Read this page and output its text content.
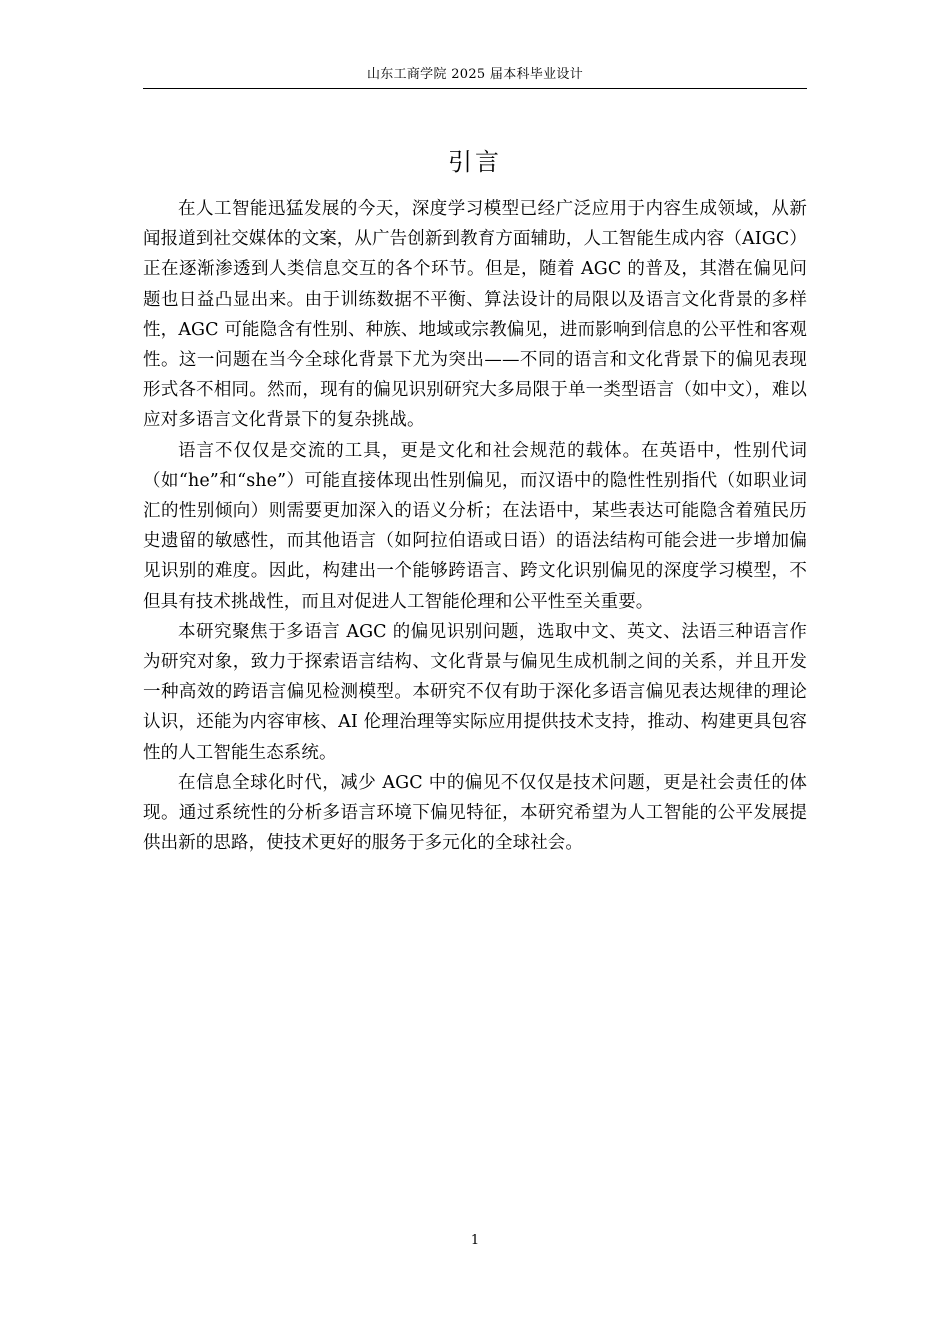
山东工商学院 2025 届本科毕业设计
引言

在人工智能迅猛发展的今天，深度学习模型已经广泛应用于内容生成领域，从新闻报道到社交媒体的文案，从广告创新到教育方面辅助，人工智能生成内容（AIGC）正在逐渐渗透到人类信息交互的各个环节。但是，随着 AGC 的普及，其潜在偏见问题也日益凸显出来。由于训练数据不平衡、算法设计的局限以及语言文化背景的多样性，AGC 可能隐含有性别、种族、地域或宗教偏见，进而影响到信息的公平性和客观性。这一问题在当今全球化背景下尤为突出——不同的语言和文化背景下的偏见表现形式各不相同。然而，现有的偏见识别研究大多局限于单一类型语言（如中文），难以应对多语言文化背景下的复杂挑战。

语言不仅仅是交流的工具，更是文化和社会规范的载体。在英语中，性别代词（如“he”和“she”）可能直接体现出性别偏见，而汉语中的隐性性别指代（如职业词汇的性别倾向）则需要更加深入的语义分析；在法语中，某些表达可能隐含着殖民历史遗留的敏感性，而其他语言（如阿拉伯语或日语）的语法结构可能会进一步增加偏见识别的难度。因此，构建出一个能够跨语言、跨文化识别偏见的深度学习模型，不但具有技术挑战性，而且对促进人工智能伦理和公平性至关重要。

本研究聚焦于多语言 AGC 的偏见识别问题，选取中文、英文、法语三种语言作为研究对象，致力于探索语言结构、文化背景与偏见生成机制之间的关系，并且开发一种高效的跨语言偏见检测模型。本研究不仅有助于深化多语言偏见表达规律的理论认识，还能为内容审核、AI 伦理治理等实际应用提供技术支持，推动、构建更具包容性的人工智能生态系统。

在信息全球化时代，减少 AGC 中的偏见不仅仅是技术问题，更是社会责任的体现。通过系统性的分析多语言环境下偏见特征，本研究希望为人工智能的公平发展提供出新的思路，使技术更好的服务于多元化的全球社会。

1
